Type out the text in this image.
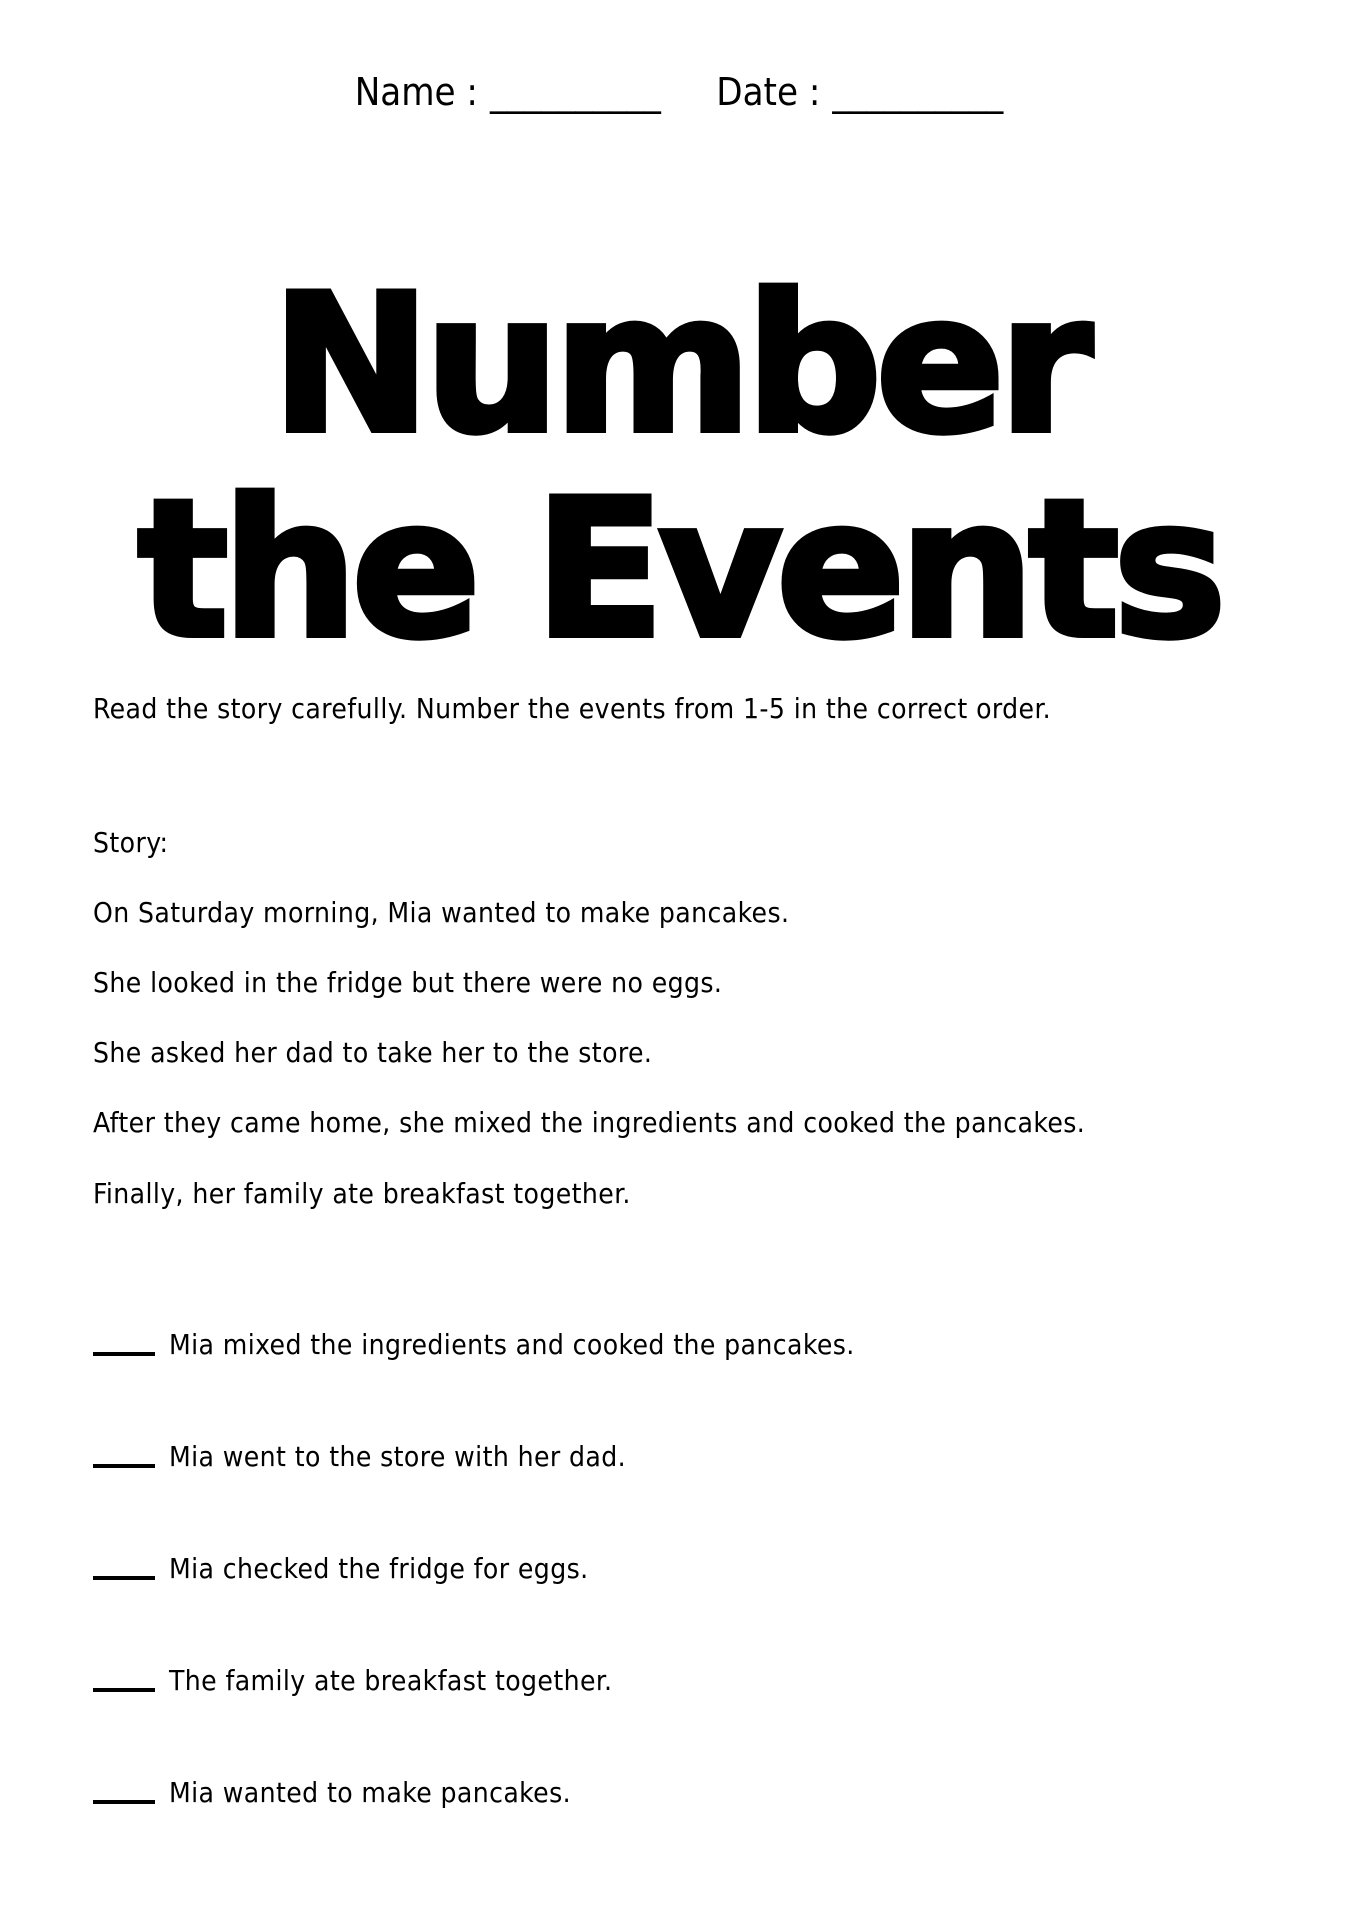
Name : __________ Date : __________
Number
the Events
Read the story carefully. Number the events from 1-5 in the correct order.
Story:
On Saturday morning, Mia wanted to make pancakes.
She looked in the fridge but there were no eggs.
She asked her dad to take her to the store.
After they came home, she mixed the ingredients and cooked the pancakes.
Finally, her family ate breakfast together.
Mia mixed the ingredients and cooked the pancakes.
Mia went to the store with her dad.
Mia checked the fridge for eggs.
The family ate breakfast together.
Mia wanted to make pancakes.
